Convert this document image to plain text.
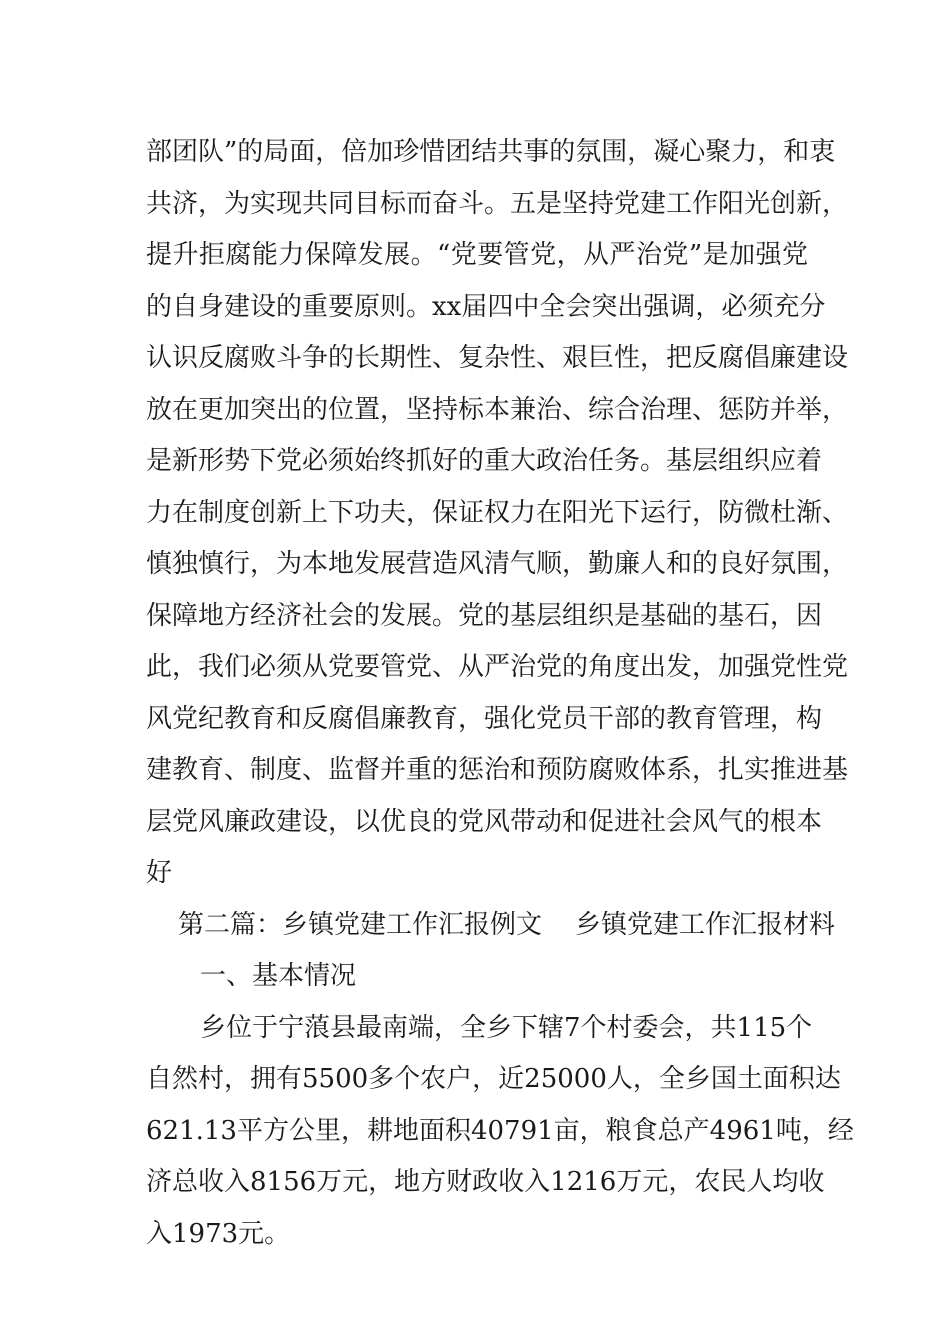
部团队”的局面，倍加珍惜团结共事的氛围，凝心聚力，和衷
共济，为实现共同目标而奋斗。五是坚持党建工作阳光创新，
提升拒腐能力保障发展。“党要管党，从严治党”是加强党
的自身建设的重要原则。xx届四中全会突出强调，必须充分
认识反腐败斗争的长期性、复杂性、艰巨性，把反腐倡廉建设
放在更加突出的位置，坚持标本兼治、综合治理、惩防并举，
是新形势下党必须始终抓好的重大政治任务。基层组织应着
力在制度创新上下功夫，保证权力在阳光下运行，防微杜渐、
慎独慎行，为本地发展营造风清气顺，勤廉人和的良好氛围，
保障地方经济社会的发展。党的基层组织是基础的基石，因
此，我们必须从党要管党、从严治党的角度出发，加强党性党
风党纪教育和反腐倡廉教育，强化党员干部的教育管理，构
建教育、制度、监督并重的惩治和预防腐败体系，扎实推进基
层党风廉政建设，以优良的党风带动和促进社会风气的根本
好
第二篇：乡镇党建工作汇报例文    乡镇党建工作汇报材料
一、基本情况
乡位于宁蒗县最南端，全乡下辖7个村委会，共115个
自然村，拥有5500多个农户，近25000人，全乡国土面积达
621.13平方公里，耕地面积40791亩，粮食总产4961吨，经
济总收入8156万元，地方财政收入1216万元，农民人均收
入1973元。
